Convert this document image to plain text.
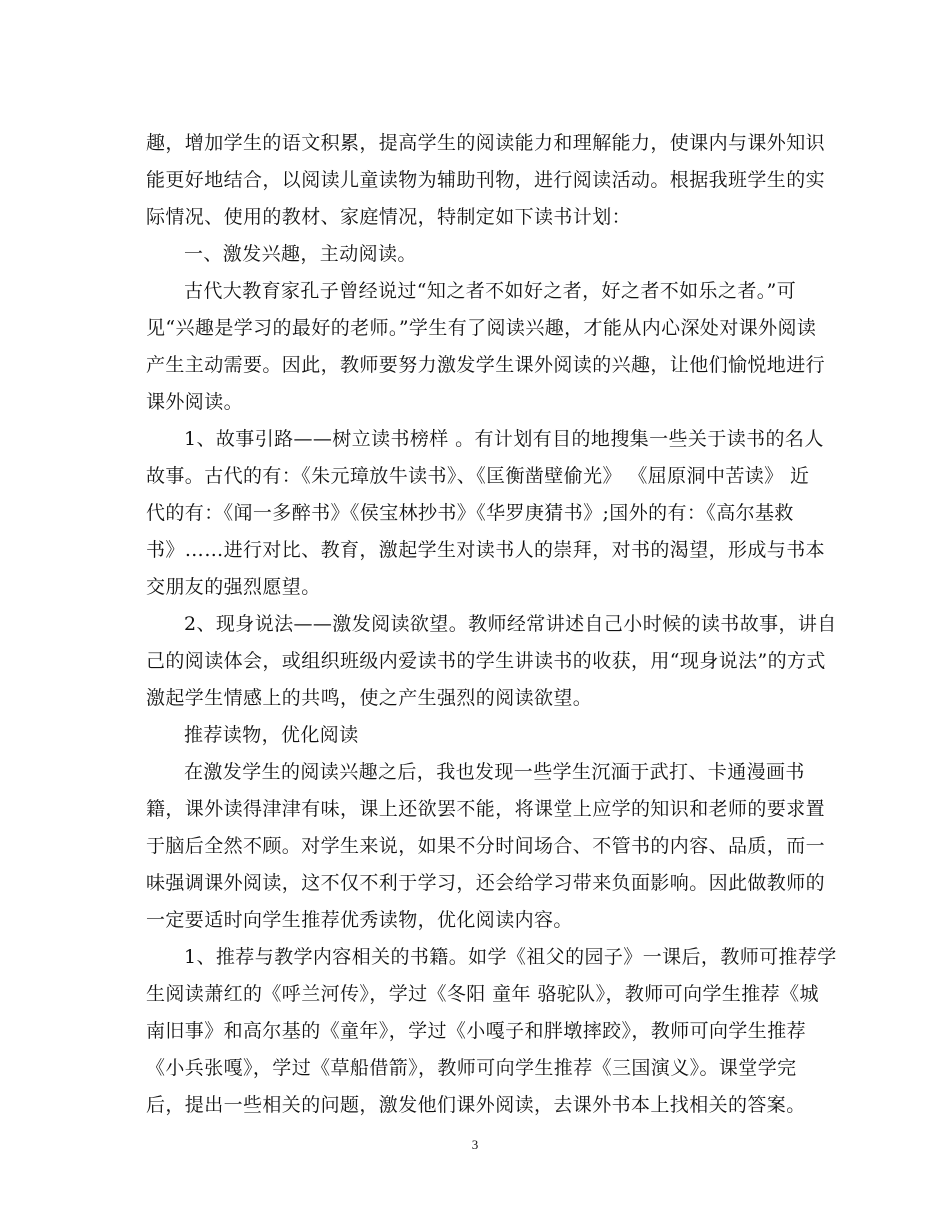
趣，增加学生的语文积累，提高学生的阅读能力和理解能力，使课内与课外知识
能更好地结合，以阅读儿童读物为辅助刊物，进行阅读活动。根据我班学生的实
际情况、使用的教材、家庭情况，特制定如下读书计划：
一、激发兴趣，主动阅读。
古代大教育家孔子曾经说过“知之者不如好之者，好之者不如乐之者。”可
见“兴趣是学习的最好的老师。”学生有了阅读兴趣，才能从内心深处对课外阅读
产生主动需要。因此，教师要努力激发学生课外阅读的兴趣，让他们愉悦地进行
课外阅读。
1、故事引路——树立读书榜样 。有计划有目的地搜集一些关于读书的名人
故事。古代的有：《朱元璋放牛读书》、《匡衡凿壁偷光》 《屈原洞中苦读》 近
代的有：《闻一多醉书》《侯宝林抄书》《华罗庚猜书》;国外的有：《高尔基救
书》……进行对比、教育，激起学生对读书人的崇拜，对书的渴望，形成与书本
交朋友的强烈愿望。
2、现身说法——激发阅读欲望。教师经常讲述自己小时候的读书故事，讲自
己的阅读体会，或组织班级内爱读书的学生讲读书的收获，用“现身说法”的方式
激起学生情感上的共鸣，使之产生强烈的阅读欲望。
推荐读物，优化阅读
在激发学生的阅读兴趣之后，我也发现一些学生沉湎于武打、卡通漫画书
籍，课外读得津津有味，课上还欲罢不能，将课堂上应学的知识和老师的要求置
于脑后全然不顾。对学生来说，如果不分时间场合、不管书的内容、品质，而一
味强调课外阅读，这不仅不利于学习，还会给学习带来负面影响。因此做教师的
一定要适时向学生推荐优秀读物，优化阅读内容。
1、推荐与教学内容相关的书籍。如学《祖父的园子》一课后，教师可推荐学
生阅读萧红的《呼兰河传》，学过《冬阳 童年 骆驼队》，教师可向学生推荐《城
南旧事》和高尔基的《童年》，学过《小嘎子和胖墩摔跤》，教师可向学生推荐
《小兵张嘎》，学过《草船借箭》，教师可向学生推荐《三国演义》。课堂学完
后，提出一些相关的问题，激发他们课外阅读，去课外书本上找相关的答案。
3
